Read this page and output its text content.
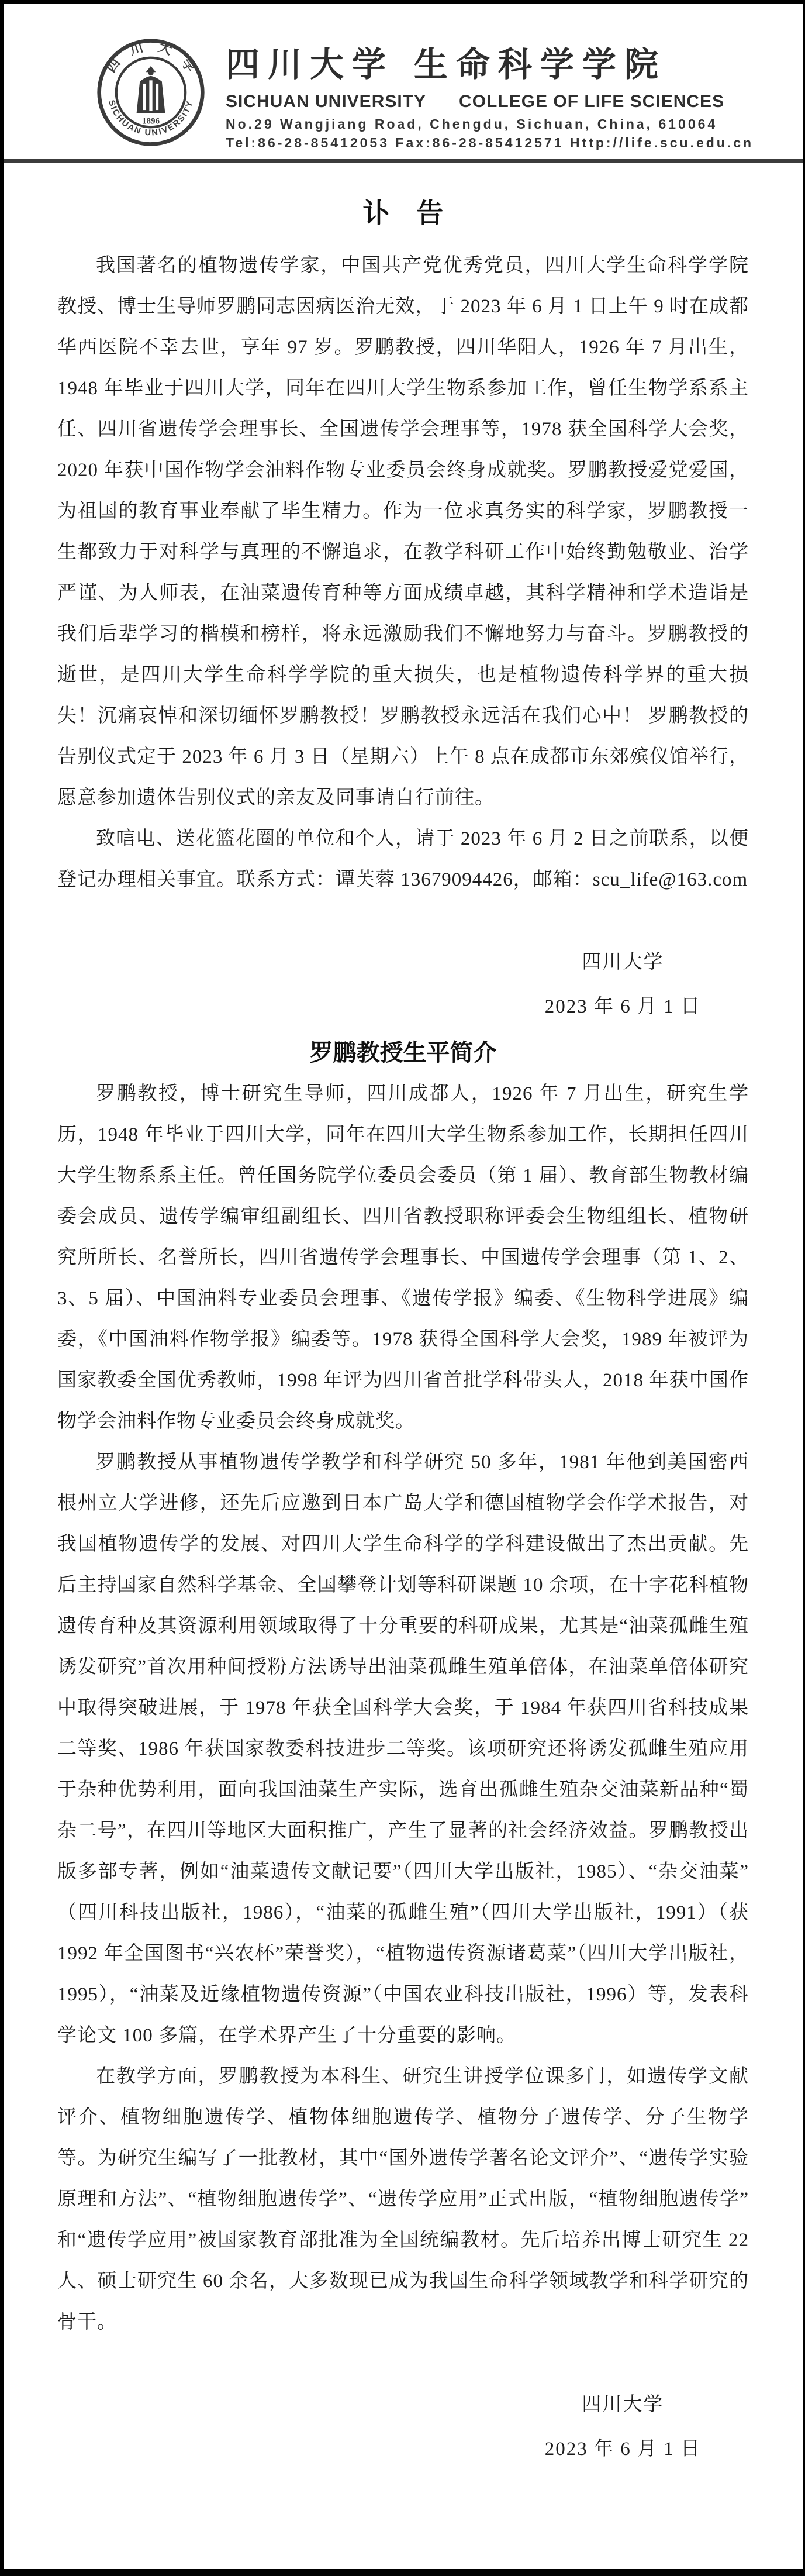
四　川　大　学
SICHUAN UNIVERSITY
1896
四川大学 生命科学学院
SICHUAN UNIVERSITY COLLEGE OF LIFE SCIENCES
No.29 Wangjiang Road, Chengdu, Sichuan, China, 610064
Tel:86-28-85412053 Fax:86-28-85412571 Http://life.scu.edu.cn
讣　告

我国著名的植物遗传学家，中国共产党优秀党员，四川大学生命科学学院教授、博士生导师罗鹏同志因病医治无效，于 2023 年 6 月 1 日上午 9 时在成都华西医院不幸去世，享年 97 岁。罗鹏教授，四川华阳人，1926 年 7 月出生，1948 年毕业于四川大学，同年在四川大学生物系参加工作，曾任生物学系系主任、四川省遗传学会理事长、全国遗传学会理事等，1978 获全国科学大会奖，2020 年获中国作物学会油料作物专业委员会终身成就奖。罗鹏教授爱党爱国，为祖国的教育事业奉献了毕生精力。作为一位求真务实的科学家，罗鹏教授一生都致力于对科学与真理的不懈追求，在教学科研工作中始终勤勉敬业、治学严谨、为人师表，在油菜遗传育种等方面成绩卓越，其科学精神和学术造诣是我们后辈学习的楷模和榜样，将永远激励我们不懈地努力与奋斗。罗鹏教授的逝世，是四川大学生命科学学院的重大损失，也是植物遗传科学界的重大损失！沉痛哀悼和深切缅怀罗鹏教授！罗鹏教授永远活在我们心中！ 罗鹏教授的告别仪式定于 2023 年 6 月 3 日（星期六）上午 8 点在成都市东郊殡仪馆举行，愿意参加遗体告别仪式的亲友及同事请自行前往。

致唁电、送花篮花圈的单位和个人，请于 2023 年 6 月 2 日之前联系，以便登记办理相关事宜。联系方式：谭芙蓉 13679094426，邮箱：scu_life@163.com

四川大学
2023 年 6 月 1 日
罗鹏教授生平简介

罗鹏教授，博士研究生导师，四川成都人，1926 年 7 月出生，研究生学历，1948 年毕业于四川大学，同年在四川大学生物系参加工作，长期担任四川大学生物系系主任。曾任国务院学位委员会委员（第 1 届）、教育部生物教材编委会成员、遗传学编审组副组长、四川省教授职称评委会生物组组长、植物研究所所长、名誉所长，四川省遗传学会理事长、中国遗传学会理事（第 1、2、3、5 届）、中国油料专业委员会理事、《遗传学报》编委、《生物科学进展》编委，《中国油料作物学报》编委等。1978 获得全国科学大会奖，1989 年被评为国家教委全国优秀教师，1998 年评为四川省首批学科带头人，2018 年获中国作物学会油料作物专业委员会终身成就奖。

罗鹏教授从事植物遗传学教学和科学研究 50 多年，1981 年他到美国密西根州立大学进修，还先后应邀到日本广岛大学和德国植物学会作学术报告，对我国植物遗传学的发展、对四川大学生命科学的学科建设做出了杰出贡献。先后主持国家自然科学基金、全国攀登计划等科研课题 10 余项，在十字花科植物遗传育种及其资源利用领域取得了十分重要的科研成果，尤其是“油菜孤雌生殖诱发研究”首次用种间授粉方法诱导出油菜孤雌生殖单倍体，在油菜单倍体研究中取得突破进展，于 1978 年获全国科学大会奖，于 1984 年获四川省科技成果二等奖、1986 年获国家教委科技进步二等奖。该项研究还将诱发孤雌生殖应用于杂种优势利用，面向我国油菜生产实际，选育出孤雌生殖杂交油菜新品种“蜀杂二号”，在四川等地区大面积推广，产生了显著的社会经济效益。罗鹏教授出版多部专著，例如“油菜遗传文献记要”（四川大学出版社，1985）、“杂交油菜”（四川科技出版社，1986），“油菜的孤雌生殖”（四川大学出版社，1991）（获 1992 年全国图书“兴农杯”荣誉奖），“植物遗传资源诸葛菜”（四川大学出版社，1995），“油菜及近缘植物遗传资源”（中国农业科技出版社，1996）等，发表科学论文 100 多篇，在学术界产生了十分重要的影响。

在教学方面，罗鹏教授为本科生、研究生讲授学位课多门，如遗传学文献评介、植物细胞遗传学、植物体细胞遗传学、植物分子遗传学、分子生物学等。为研究生编写了一批教材，其中“国外遗传学著名论文评介”、“遗传学实验原理和方法”、“植物细胞遗传学”、“遗传学应用”正式出版，“植物细胞遗传学”和“遗传学应用”被国家教育部批准为全国统编教材。先后培养出博士研究生 22 人、硕士研究生 60 余名，大多数现已成为我国生命科学领域教学和科学研究的骨干。

四川大学
2023 年 6 月 1 日
